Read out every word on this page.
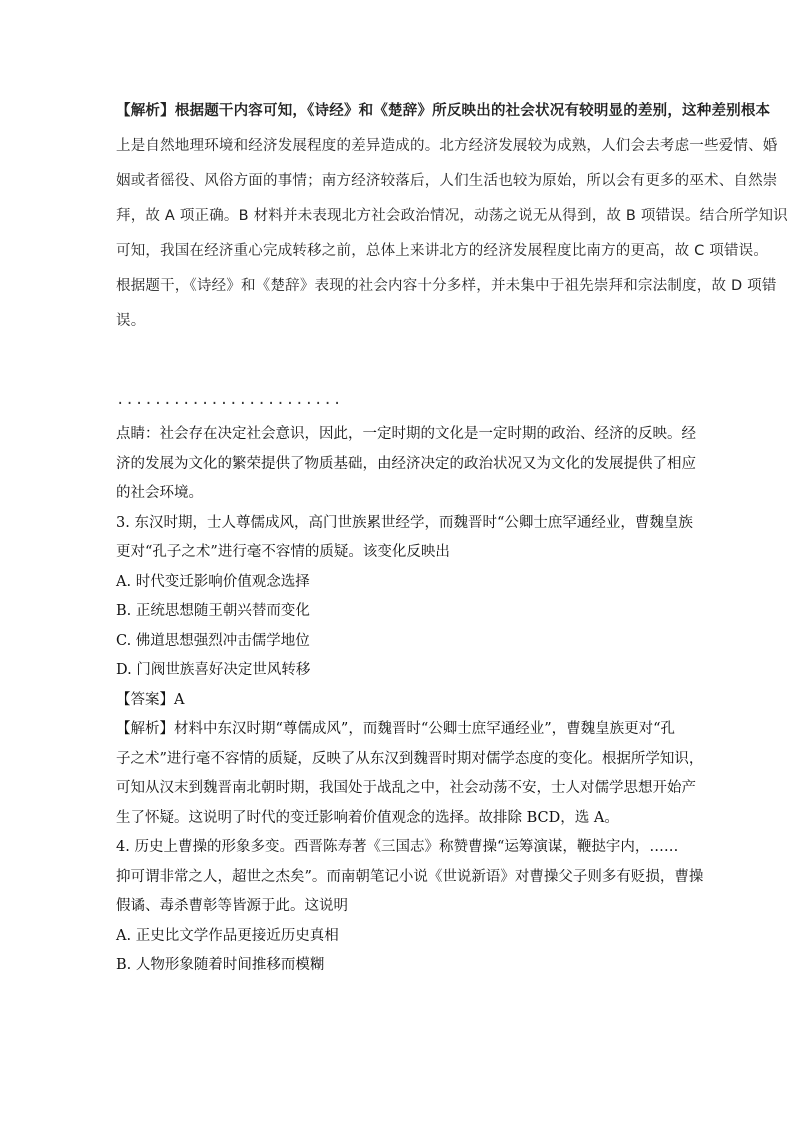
【解析】根据题干内容可知，《诗经》和《楚辞》所反映出的社会状况有较明显的差别，这种差别根本
上是自然地理环境和经济发展程度的差异造成的。北方经济发展较为成熟，人们会去考虑一些爱情、婚
姻或者徭役、风俗方面的事情；南方经济较落后，人们生活也较为原始，所以会有更多的巫术、自然崇
拜，故 A 项正确。B 材料并未表现北方社会政治情况，动荡之说无从得到，故 B 项错误。结合所学知识
可知，我国在经济重心完成转移之前，总体上来讲北方的经济发展程度比南方的更高，故 C 项错误。
根据题干，《诗经》和《楚辞》表现的社会内容十分多样，并未集中于祖先崇拜和宗法制度，故 D 项错
误。
························
点睛：社会存在决定社会意识，因此，一定时期的文化是一定时期的政治、经济的反映。经
济的发展为文化的繁荣提供了物质基础，由经济决定的政治状况又为文化的发展提供了相应
的社会环境。
3. 东汉时期，士人尊儒成风，高门世族累世经学，而魏晋时“公卿士庶罕通经业，曹魏皇族
更对“孔子之术”进行毫不容情的质疑。该变化反映出
A. 时代变迁影响价值观念选择
B. 正统思想随王朝兴替而变化
C. 佛道思想强烈冲击儒学地位
D. 门阀世族喜好决定世风转移
【答案】A
【解析】材料中东汉时期“尊儒成风”，而魏晋时“公卿士庶罕通经业”，曹魏皇族更对“孔
子之术”进行毫不容情的质疑，反映了从东汉到魏晋时期对儒学态度的变化。根据所学知识，
可知从汉末到魏晋南北朝时期，我国处于战乱之中，社会动荡不安，士人对儒学思想开始产
生了怀疑。这说明了时代的变迁影响着价值观念的选择。故排除 BCD，选 A。
4. 历史上曹操的形象多变。西晋陈寿著《三国志》称赞曹操“运筹演谋，鞭挞宇内，……
抑可谓非常之人，超世之杰矣”。而南朝笔记小说《世说新语》对曹操父子则多有贬损，曹操
假谲、毒杀曹彰等皆源于此。这说明
A. 正史比文学作品更接近历史真相
B. 人物形象随着时间推移而模糊
